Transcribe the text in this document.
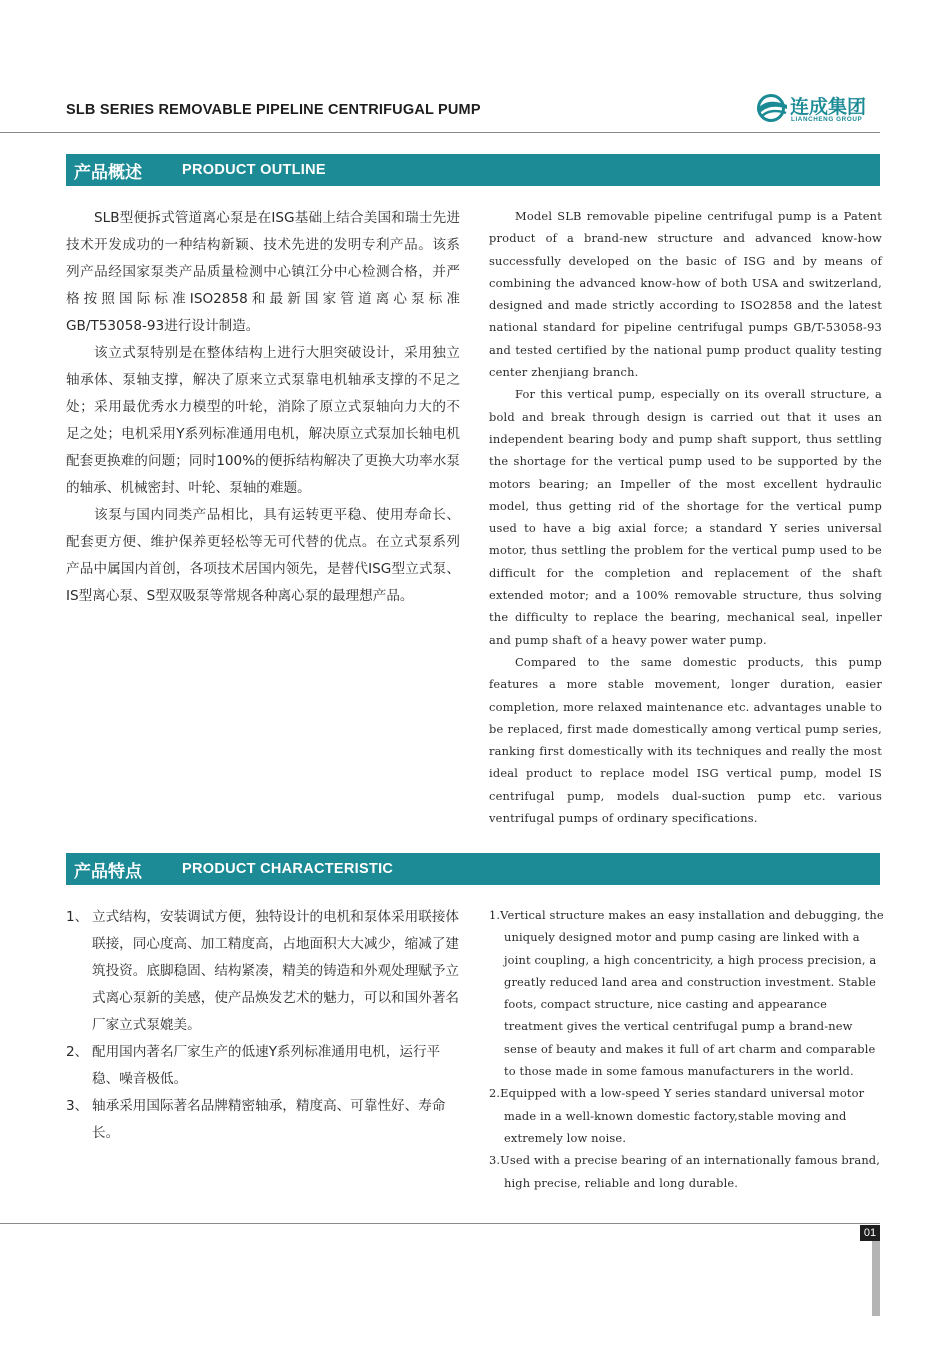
SLB SERIES REMOVABLE PIPELINE CENTRIFUGAL PUMP	连成集团
LIANCHENG GROUP
产品概述	PRODUCT OUTLINE

SLB型便拆式管道离心泵是在ISG基础上结合美国和瑞士先进技术开发成功的一种结构新颖、技术先进的发明专利产品。该系列产品经国家泵类产品质量检测中心镇江分中心检测合格，并严格按照国际标准ISO2858和最新国家管道离心泵标准GB/T53058-93进行设计制造。

该立式泵特别是在整体结构上进行大胆突破设计，采用独立轴承体、泵轴支撑，解决了原来立式泵靠电机轴承支撑的不足之处；采用最优秀水力模型的叶轮，消除了原立式泵轴向力大的不足之处；电机采用Y系列标准通用电机，解决原立式泵加长轴电机配套更换难的问题；同时100%的便拆结构解决了更换大功率水泵的轴承、机械密封、叶轮、泵轴的难题。

该泵与国内同类产品相比，具有运转更平稳、使用寿命长、配套更方便、维护保养更轻松等无可代替的优点。在立式泵系列产品中属国内首创，各项技术居国内领先，是替代ISG型立式泵、IS型离心泵、S型双吸泵等常规各种离心泵的最理想产品。

Model SLB removable pipeline centrifugal pump is a Patent product of a brand-new structure and advanced know-how successfully developed on the basic of ISG and by means of combining the advanced know-how of both USA and switzerland, designed and made strictly according to ISO2858 and the latest national standard for pipeline centrifugal pumps GB/T-53058-93 and tested certified by the national pump product quality testing center zhenjiang branch.

For this vertical pump, especially on its overall structure, a bold and break through design is carried out that it uses an independent bearing body and pump shaft support, thus settling the shortage for the vertical pump used to be supported by the motors bearing; an Impeller of the most excellent hydraulic model, thus getting rid of the shortage for the vertical pump used to have a big axial force; a standard Y series universal motor, thus settling the problem for the vertical pump used to be difficult for the completion and replacement of the shaft extended motor; and a 100% removable structure, thus solving the difficulty to replace the bearing, mechanical seal, inpeller and pump shaft of a heavy power water pump.

Compared to the same domestic products, this pump features a more stable movement, longer duration, easier completion, more relaxed maintenance etc. advantages unable to be replaced, first made domestically among vertical pump series, ranking first domestically with its techniques and really the most ideal product to replace model ISG vertical pump, model IS centrifugal pump, models dual-suction pump etc. various ventrifugal pumps of ordinary specifications.

产品特点	PRODUCT CHARACTERISTIC
1、 立式结构，安装调试方便，独特设计的电机和泵体采用联接体联接，同心度高、加工精度高，占地面积大大减少，缩减了建筑投资。底脚稳固、结构紧凑，精美的铸造和外观处理赋予立式离心泵新的美感，使产品焕发艺术的魅力，可以和国外著名厂家立式泵媲美。
2、 配用国内著名厂家生产的低速Y系列标准通用电机，运行平稳、噪音极低。
3、 轴承采用国际著名品牌精密轴承，精度高、可靠性好、寿命长。
1.Vertical structure makes an easy installation and debugging, the uniquely designed motor and pump casing are linked with a joint coupling, a high concentricity, a high process precision, a greatly reduced land area and construction investment. Stable foots, compact structure, nice casting and appearance treatment gives the vertical centrifugal pump a brand-new sense of beauty and makes it full of art charm and comparable to those made in some famous manufacturers in the world.
2.Equipped with a low-speed Y series standard universal motor made in a well-known domestic factory,stable moving and extremely low noise.
3.Used with a precise bearing of an internationally famous brand, high precise, reliable and long durable.
01
